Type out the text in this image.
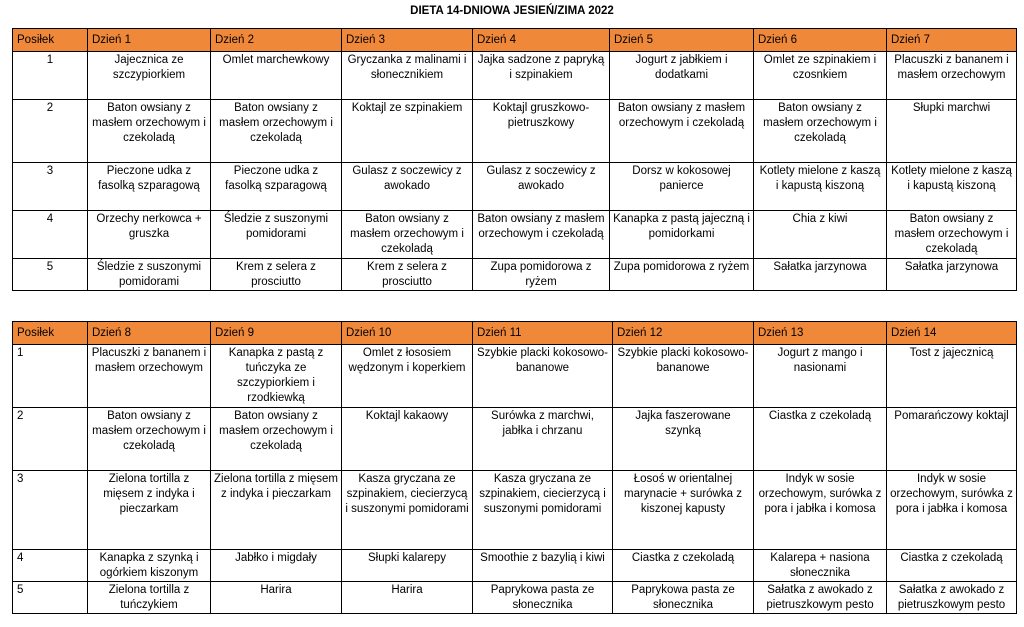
DIETA 14-DNIOWA JESIEŃ/ZIMA 2022
Posiłek	Dzień 1	Dzień 2	Dzień 3	Dzień 4	Dzień 5	Dzień 6	Dzień 7
1	Jajecznica ze szczypiorkiem	Omlet marchewkowy	Gryczanka z malinami i słonecznikiem	Jajka sadzone z papryką i szpinakiem	Jogurt z jabłkiem i dodatkami	Omlet ze szpinakiem i czosnkiem	Placuszki z bananem i masłem orzechowym
2	Baton owsiany z masłem orzechowym i czekoladą	Baton owsiany z masłem orzechowym i czekoladą	Koktajl ze szpinakiem	Koktajl gruszkowo-pietruszkowy	Baton owsiany z masłem orzechowym i czekoladą	Baton owsiany z masłem orzechowym i czekoladą	Słupki marchwi
3	Pieczone udka z fasolką szparagową	Pieczone udka z fasolką szparagową	Gulasz z soczewicy z awokado	Gulasz z soczewicy z awokado	Dorsz w kokosowej panierce	Kotlety mielone z kaszą i kapustą kiszoną	Kotlety mielone z kaszą i kapustą kiszoną
4	Orzechy nerkowca + gruszka	Śledzie z suszonymi pomidorami	Baton owsiany z masłem orzechowym i czekoladą	Baton owsiany z masłem orzechowym i czekoladą	Kanapka z pastą jajeczną i pomidorkami	Chia z kiwi	Baton owsiany z masłem orzechowym i czekoladą
5	Śledzie z suszonymi pomidorami	Krem z selera z prosciutto	Krem z selera z prosciutto	Zupa pomidorowa z ryżem	Zupa pomidorowa z ryżem	Sałatka jarzynowa	Sałatka jarzynowa
Posiłek	Dzień 8	Dzień 9	Dzień 10	Dzień 11	Dzień 12	Dzień 13	Dzień 14
1	Placuszki z bananem i masłem orzechowym	Kanapka z pastą z tuńczyka ze szczypiorkiem i rzodkiewką	Omlet z łososiem wędzonym i koperkiem	Szybkie placki kokosowo-bananowe	Szybkie placki kokosowo-bananowe	Jogurt z mango i nasionami	Tost z jajecznicą
2	Baton owsiany z masłem orzechowym i czekoladą	Baton owsiany z masłem orzechowym i czekoladą	Koktajl kakaowy	Surówka z marchwi, jabłka i chrzanu	Jajka faszerowane szynką	Ciastka z czekoladą	Pomarańczowy koktajl
3	Zielona tortilla z mięsem z indyka i pieczarkam	Zielona tortilla z mięsem z indyka i pieczarkam	Kasza gryczana ze szpinakiem, ciecierzycą i suszonymi pomidorami	Kasza gryczana ze szpinakiem, ciecierzycą i suszonymi pomidorami	Łosoś w orientalnej marynacie + surówka z kiszonej kapusty	Indyk w sosie orzechowym, surówka z pora i jabłka i komosa	Indyk w sosie orzechowym, surówka z pora i jabłka i komosa
4	Kanapka z szynką i ogórkiem kiszonym	Jabłko i migdały	Słupki kalarepy	Smoothie z bazylią i kiwi	Ciastka z czekoladą	Kalarepa + nasiona słonecznika	Ciastka z czekoladą
5	Zielona tortilla z tuńczykiem	Harira	Harira	Paprykowa pasta ze słonecznika	Paprykowa pasta ze słonecznika	Sałatka z awokado z pietruszkowym pesto	Sałatka z awokado z pietruszkowym pesto
